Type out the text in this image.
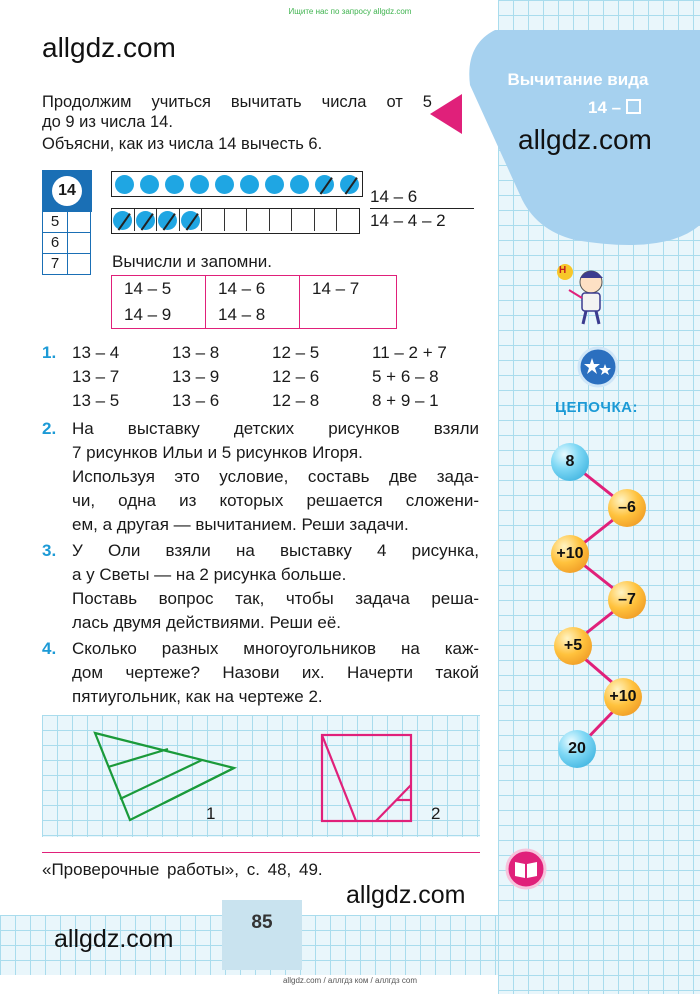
Вычитание вида
14 –
Ищите нас по запросу allgdz.com
allgdz.com
allgdz.com
allgdz.com
allgdz.com
Продолжим учиться вычитать числа от 5
до 9 из числа 14.
Объясни, как из числа 14 вычесть 6.
14
5
6
7
14 – 6
14 – 4 – 2
Вычисли и запомни.
14 – 5	14 – 6	14 – 7
14 – 9	14 – 8
1. 13 – 4	13 – 8	12 – 5	11 – 2 + 7
13 – 7	13 – 9	12 – 6	5 + 6 – 8
13 – 5	13 – 6	12 – 8	8 + 9 – 1
2. На выставку детских рисунков взяли
7 рисунков Ильи и 5 рисунков Игоря.
Используя это условие, составь две зада-
чи, одна из которых решается сложени-
ем, а другая — вычитанием. Реши задачи.
3. У Оли взяли на выставку 4 рисунка,
а у Светы — на 2 рисунка больше.
Поставь вопрос так, чтобы задача реша-
лась двумя действиями. Реши её.
4. Сколько разных многоугольников на каж-
дом чертеже? Назови их. Начерти такой
пятиугольник, как на чертеже 2.
1	2
«Проверочные работы», с. 48, 49.
85
allgdz.com / аллгдз ком / аллгдз com
Н
ЦЕПОЧКА:
8
–6
+10
–7
+5
+10
20
